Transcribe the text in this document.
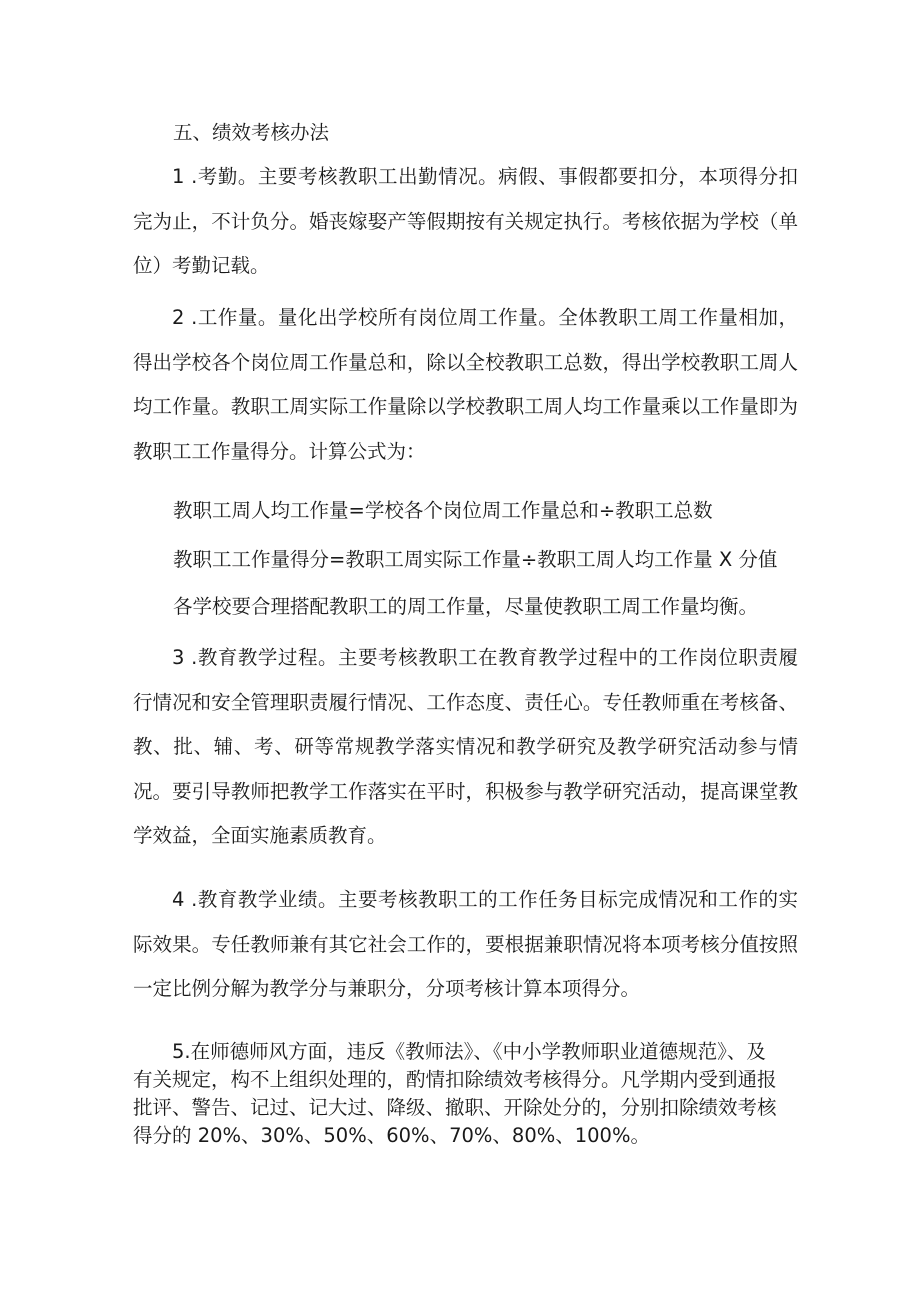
五、绩效考核办法

1 .考勤。主要考核教职工出勤情况。病假、事假都要扣分，本项得分扣完为止，不计负分。婚丧嫁娶产等假期按有关规定执行。考核依据为学校（单位）考勤记载。

2 .工作量。量化出学校所有岗位周工作量。全体教职工周工作量相加，得出学校各个岗位周工作量总和，除以全校教职工总数，得出学校教职工周人均工作量。教职工周实际工作量除以学校教职工周人均工作量乘以工作量即为教职工工作量得分。计算公式为：

教职工周人均工作量=学校各个岗位周工作量总和÷教职工总数

教职工工作量得分=教职工周实际工作量÷教职工周人均工作量 X 分值

各学校要合理搭配教职工的周工作量，尽量使教职工周工作量均衡。

3 .教育教学过程。主要考核教职工在教育教学过程中的工作岗位职责履行情况和安全管理职责履行情况、工作态度、责任心。专任教师重在考核备、教、批、辅、考、研等常规教学落实情况和教学研究及教学研究活动参与情况。要引导教师把教学工作落实在平时，积极参与教学研究活动，提高课堂教学效益，全面实施素质教育。

4 .教育教学业绩。主要考核教职工的工作任务目标完成情况和工作的实际效果。专任教师兼有其它社会工作的，要根据兼职情况将本项考核分值按照一定比例分解为教学分与兼职分，分项考核计算本项得分。

5.在师德师风方面，违反《教师法》、《中小学教师职业道德规范》、及有关规定，构不上组织处理的，酌情扣除绩效考核得分。凡学期内受到通报批评、警告、记过、记大过、降级、撤职、开除处分的，分别扣除绩效考核得分的 20%、30%、50%、60%、70%、80%、100%。
